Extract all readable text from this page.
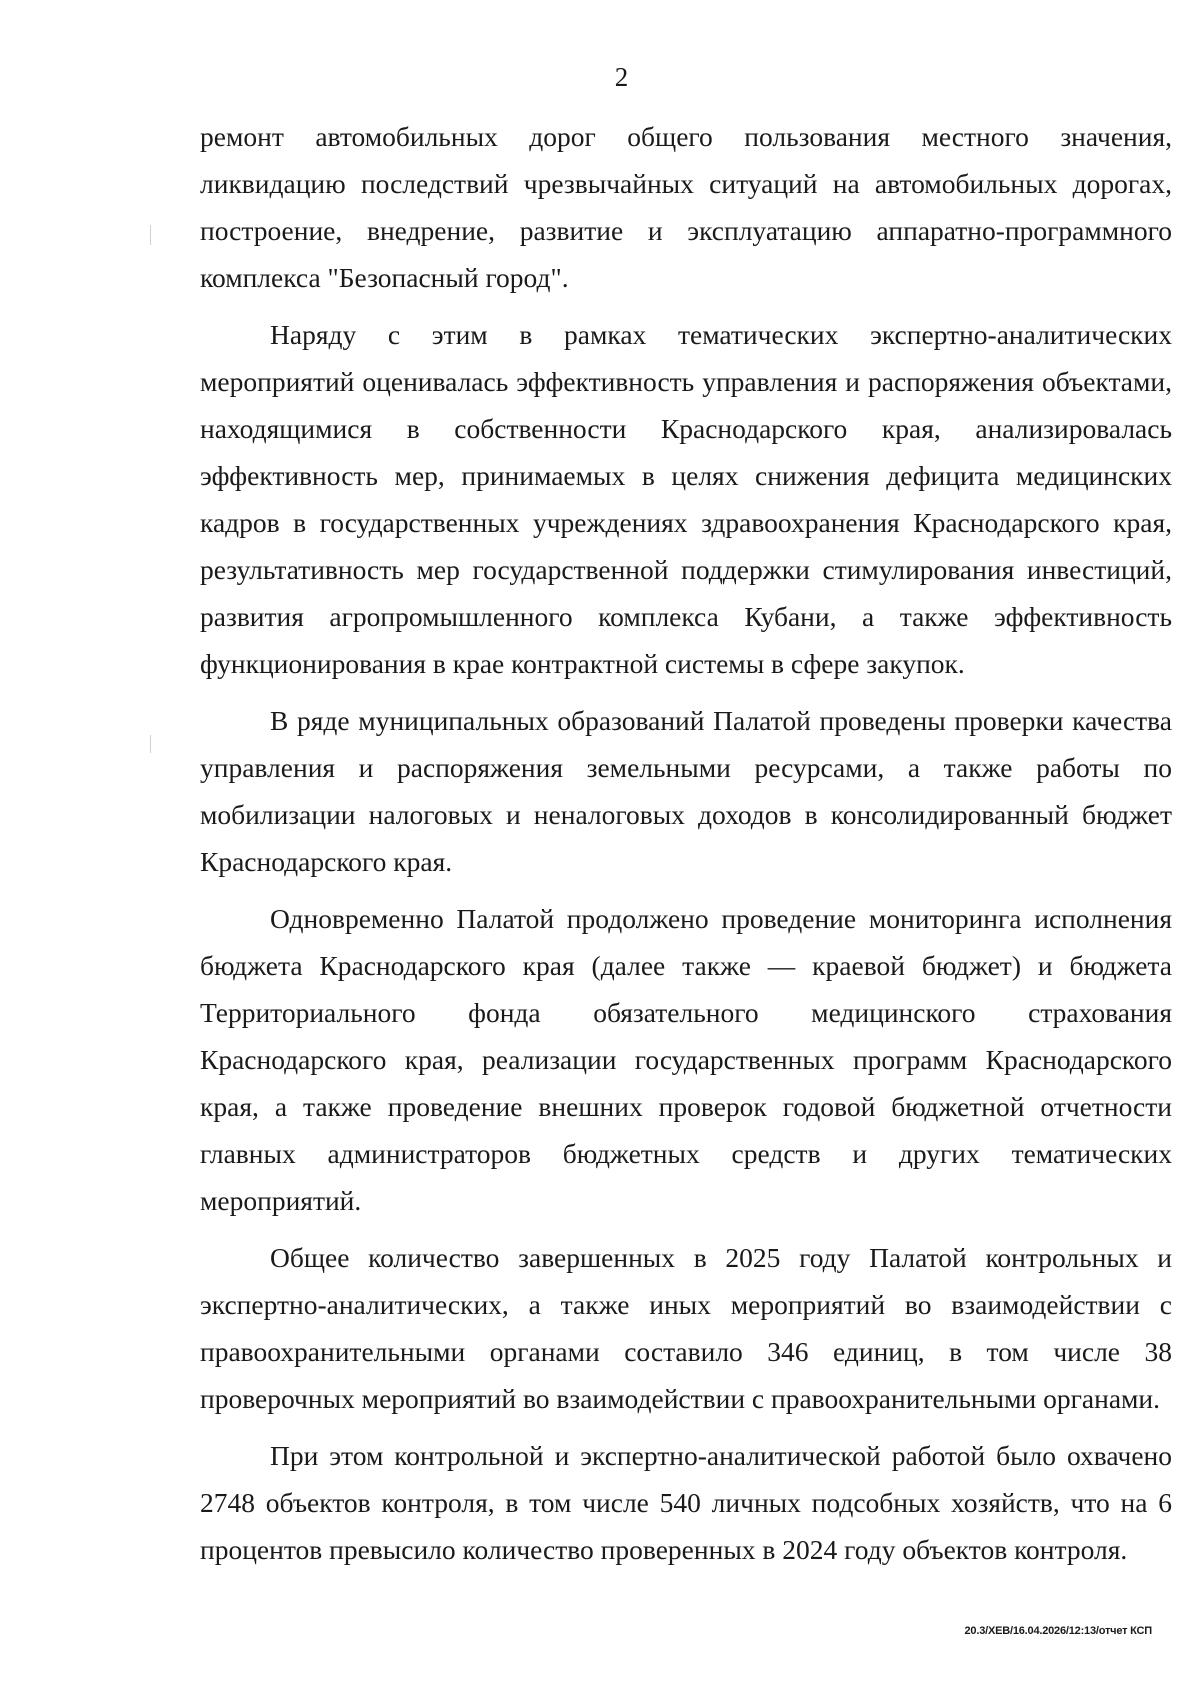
2

ремонт автомобильных дорог общего пользования местного значения, ликвидацию последствий чрезвычайных ситуаций на автомобильных дорогах, построение, внедрение, развитие и эксплуатацию аппаратно-программного комплекса "Безопасный город".

Наряду с этим в рамках тематических экспертно-аналитических мероприятий оценивалась эффективность управления и распоряжения объектами, находящимися в собственности Краснодарского края, анализировалась эффективность мер, принимаемых в целях снижения дефицита медицинских кадров в государственных учреждениях здравоохранения Краснодарского края, результативность мер государственной поддержки стимулирования инвестиций, развития агропромышленного комплекса Кубани, а также эффективность функционирования в крае контрактной системы в сфере закупок.

В ряде муниципальных образований Палатой проведены проверки качества управления и распоряжения земельными ресурсами, а также работы по мобилизации налоговых и неналоговых доходов в консолидированный бюджет Краснодарского края.

Одновременно Палатой продолжено проведение мониторинга исполнения бюджета Краснодарского края (далее также — краевой бюджет) и бюджета Территориального фонда обязательного медицинского страхования Краснодарского края, реализации государственных программ Краснодарского края, а также проведение внешних проверок годовой бюджетной отчетности главных администраторов бюджетных средств и других тематических мероприятий.

Общее количество завершенных в 2025 году Палатой контрольных и экспертно-аналитических, а также иных мероприятий во взаимодействии с правоохранительными органами составило 346 единиц, в том числе 38 проверочных мероприятий во взаимодействии с правоохранительными органами.

При этом контрольной и экспертно-аналитической работой было охвачено 2748 объектов контроля, в том числе 540 личных подсобных хозяйств, что на 6 процентов превысило количество проверенных в 2024 году объектов контроля.

20.3/ХЕВ/16.04.2026/12:13/отчет КСП
